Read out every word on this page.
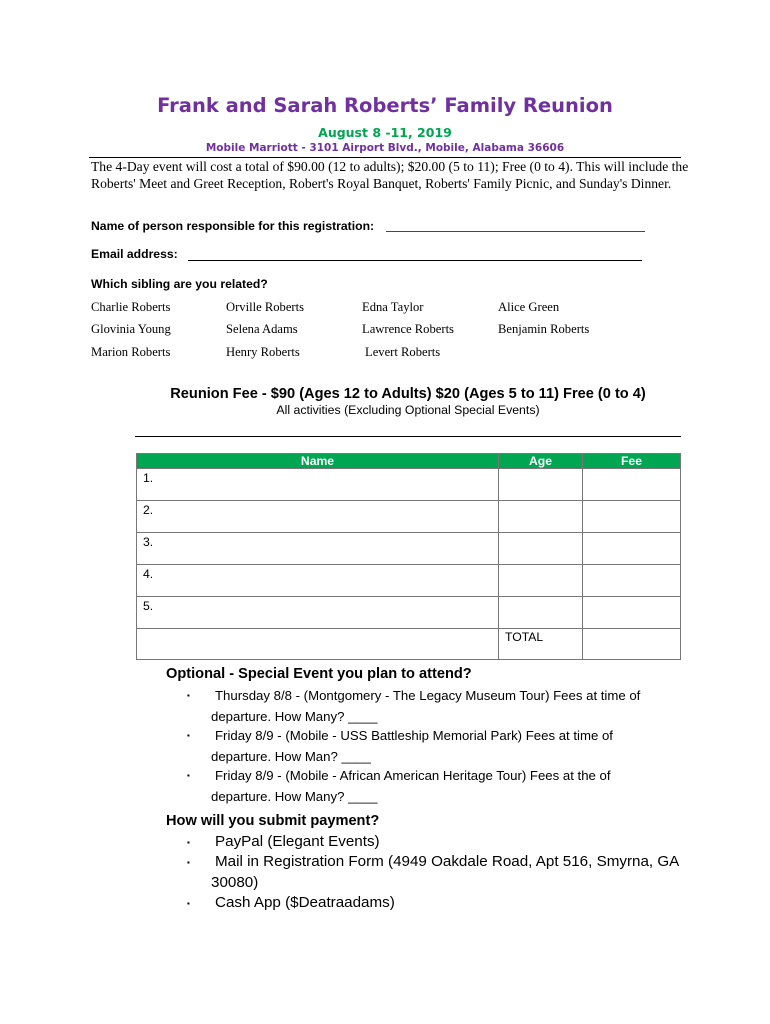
Frank and Sarah Roberts’ Family Reunion
August 8 -11, 2019
Mobile Marriott - 3101 Airport Blvd., Mobile, Alabama 36606
The 4-Day event will cost a total of $90.00 (12 to adults); $20.00 (5 to 11); Free (0 to 4). This will include the Roberts' Meet and Greet Reception, Robert's Royal Banquet, Roberts' Family Picnic, and Sunday's Dinner.
Name of person responsible for this registration:
Email address:
Which sibling are you related?
Charlie Roberts	Orville Roberts	Edna Taylor	Alice Green
Glovinia Young	Selena Adams	Lawrence Roberts	Benjamin Roberts
Marion Roberts	Henry Roberts	Levert Roberts
Reunion Fee - $90 (Ages 12 to Adults) $20 (Ages 5 to 11) Free (0 to 4)
All activities (Excluding Optional Special Events)
Name	Age	Fee
1.		
2.		
3.		
4.		
5.		
	TOTAL	
Optional - Special Event you plan to attend?
▪	Thursday 8/8 - (Montgomery - The Legacy Museum Tour) Fees at time of
departure. How Many? ____
▪	Friday 8/9 - (Mobile - USS Battleship Memorial Park) Fees at time of
departure. How Man? ____
▪	Friday 8/9 - (Mobile - African American Heritage Tour) Fees at the of
departure. How Many? ____
How will you submit payment?
▪ PayPal (Elegant Events)
▪ Mail in Registration Form (4949 Oakdale Road, Apt 516, Smyrna, GA
30080)
▪ Cash App ($Deatraadams)
